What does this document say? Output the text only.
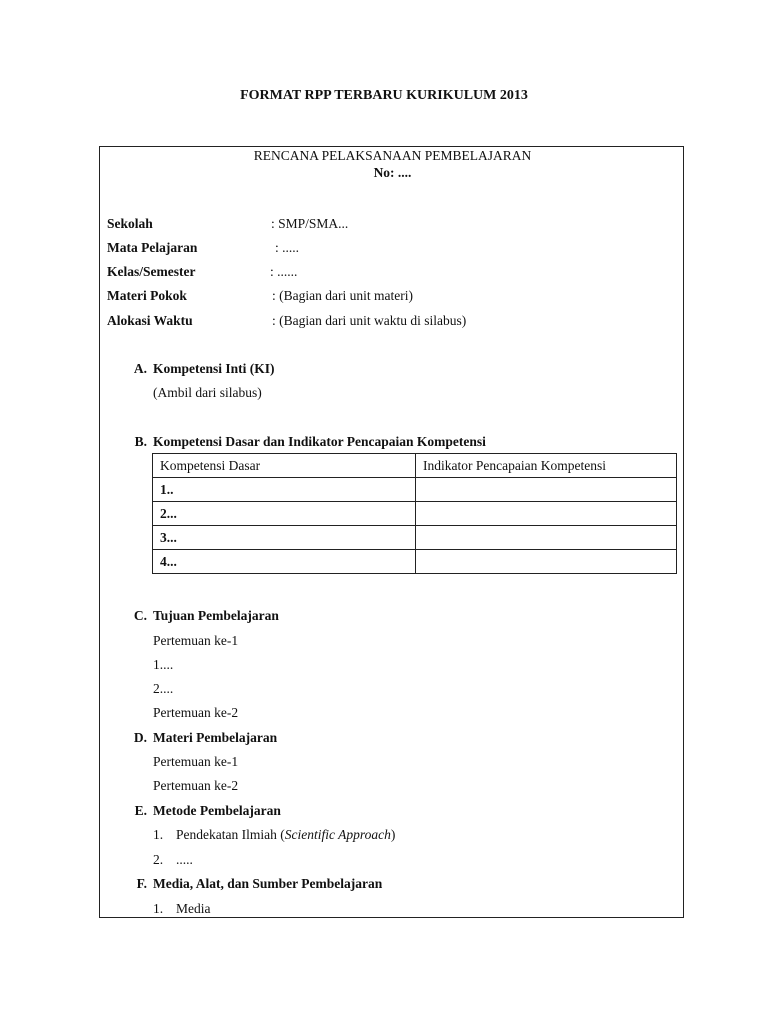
FORMAT RPP TERBARU KURIKULUM 2013
RENCANA PELAKSANAAN PEMBELAJARAN
No: ....
Sekolah	: SMP/SMA...
Mata Pelajaran	: .....
Kelas/Semester	: ......
Materi Pokok	: (Bagian dari unit materi)
Alokasi Waktu	: (Bagian dari unit waktu di silabus)
A. Kompetensi Inti (KI)
(Ambil dari silabus)
B. Kompetensi Dasar dan Indikator Pencapaian Kompetensi
Kompetensi Dasar	Indikator Pencapaian Kompetensi
1..	
2...	
3...	
4...	
C. Tujuan Pembelajaran
Pertemuan ke-1
1....
2....
Pertemuan ke-2
D. Materi Pembelajaran
Pertemuan ke-1
Pertemuan ke-2
E. Metode Pembelajaran
1. Pendekatan Ilmiah (Scientific Approach)
2. .....
F. Media, Alat, dan Sumber Pembelajaran
1. Media
